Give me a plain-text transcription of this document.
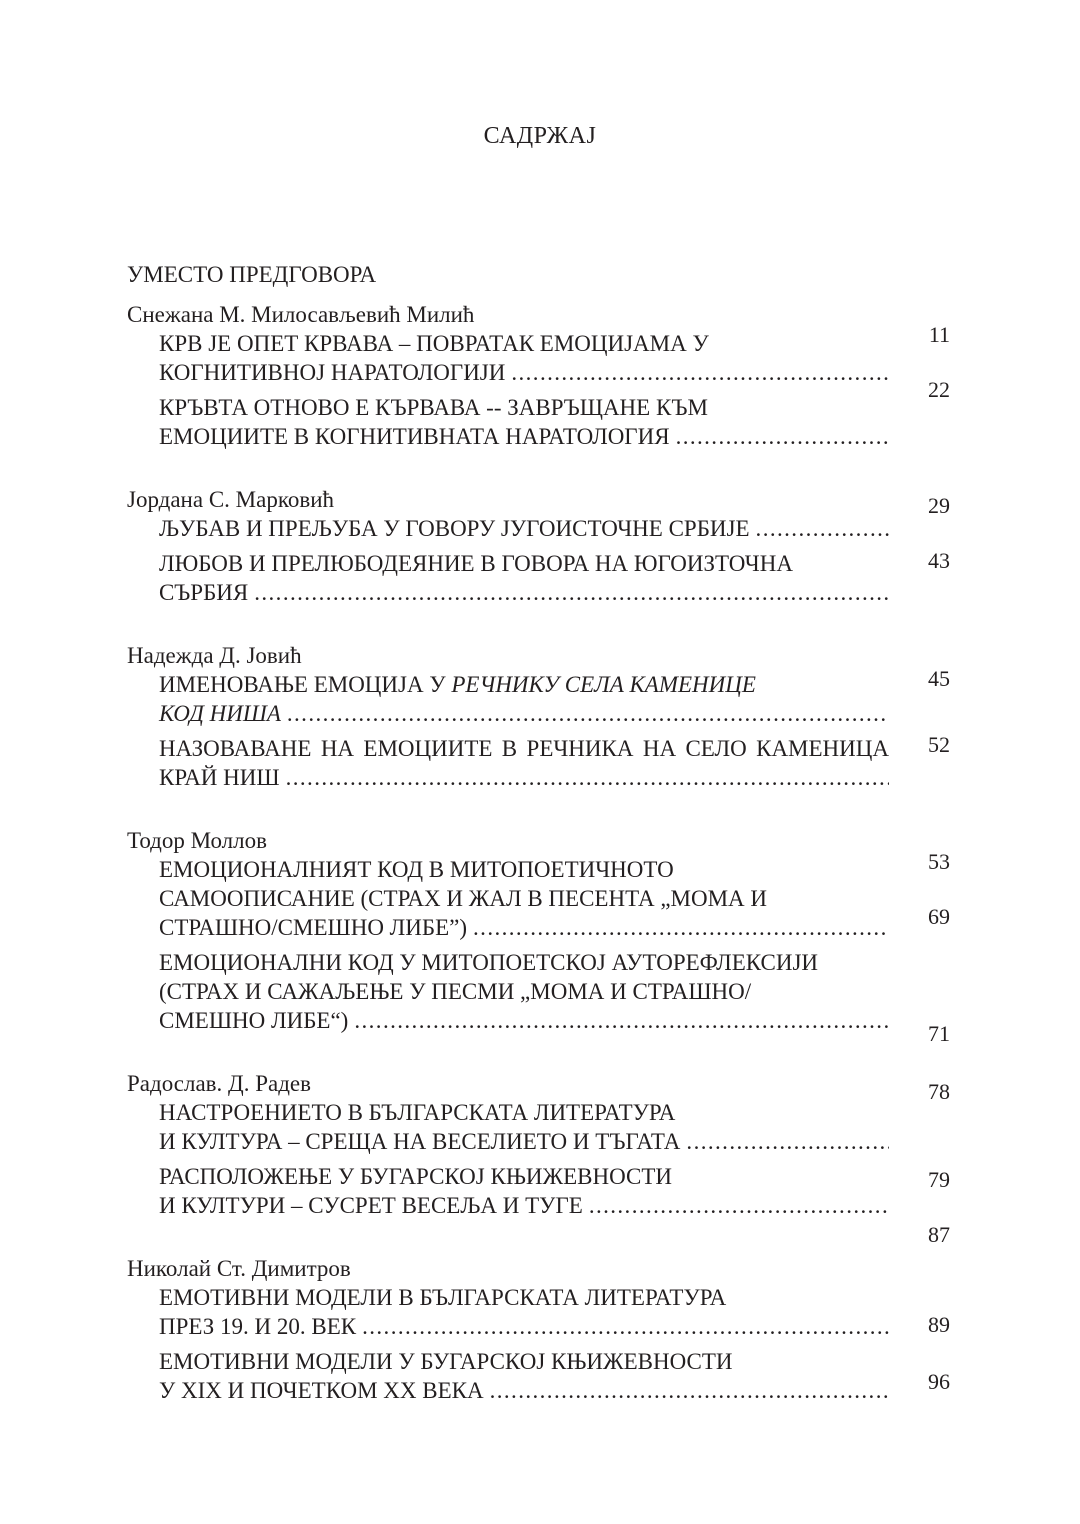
САДРЖАЈ
УМЕСТО ПРЕДГОВОРА
Снежана М. Милосављевић Милић
КРВ ЈЕ ОПЕТ КРВАВА – ПОВРАТАК ЕМОЦИЈАМА У
КОГНИТИВНОЈ НАРАТОЛОГИЈИ
.....
КРЪВТА ОТНОВО Е КЪРВАВА -- ЗАВРЪЩАНЕ КЪМ
ЕМОЦИИТЕ В КОГНИТИВНАТА НАРАТОЛОГИЯ
.....
Јордана С. Марковић
ЉУБАВ И ПРЕЉУБА У ГОВОРУ ЈУГОИСТОЧНЕ СРБИЈЕ
.....
ЛЮБОВ И ПРЕЛЮБОДЕЯНИЕ В ГОВОРА НА ЮГОИЗТОЧНА
СЪРБИЯ
.....
Надежда Д. Јовић
ИМЕНОВАЊЕ ЕМОЦИЈА У РЕЧНИКУ СЕЛА КАМЕНИЦЕ
КОД НИША
.....
НАЗОВАВАНЕ НА ЕМОЦИИТЕ В РЕЧНИКА НА СЕЛО КАМЕНИЦА
КРАЙ НИШ
.....
Тодор Моллов
ЕМОЦИОНАЛНИЯТ КОД В МИТОПОЕТИЧНОТО
САМООПИСАНИЕ (СТРАХ И ЖАЛ В ПЕСЕНТА „МОМА И
СТРАШНО/СМЕШНО ЛИБЕ”)
.....
ЕМОЦИОНАЛНИ КОД У МИТОПОЕТСКОЈ АУТОРЕФЛЕКСИЈИ
(СТРАХ И САЖАЉЕЊЕ У ПЕСМИ „МОМА И СТРАШНО/
СМЕШНО ЛИБЕ“)
.....
Радослав. Д. Радев
НАСТРОЕНИЕТО В БЪЛГАРСКАТА ЛИТЕРАТУРА
И КУЛТУРА – СРЕЩА НА ВЕСЕЛИЕТО И ТЪГАТА
.....
РАСПОЛОЖЕЊЕ У БУГАРСКОЈ КЊИЖЕВНОСТИ
И КУЛТУРИ – СУСРЕТ ВЕСЕЉА И ТУГЕ
.....
Николай Ст. Димитров
ЕМОТИВНИ МОДЕЛИ В БЪЛГАРСКАТА ЛИТЕРАТУРА
ПРЕЗ 19. И 20. ВЕК
.....
ЕМОТИВНИ МОДЕЛИ У БУГАРСКОЈ КЊИЖЕВНОСТИ
У XIX И ПОЧЕТКОМ XX ВЕКА
.....
11
22
29
43
45
52
53
69
71
78
79
87
89
96
